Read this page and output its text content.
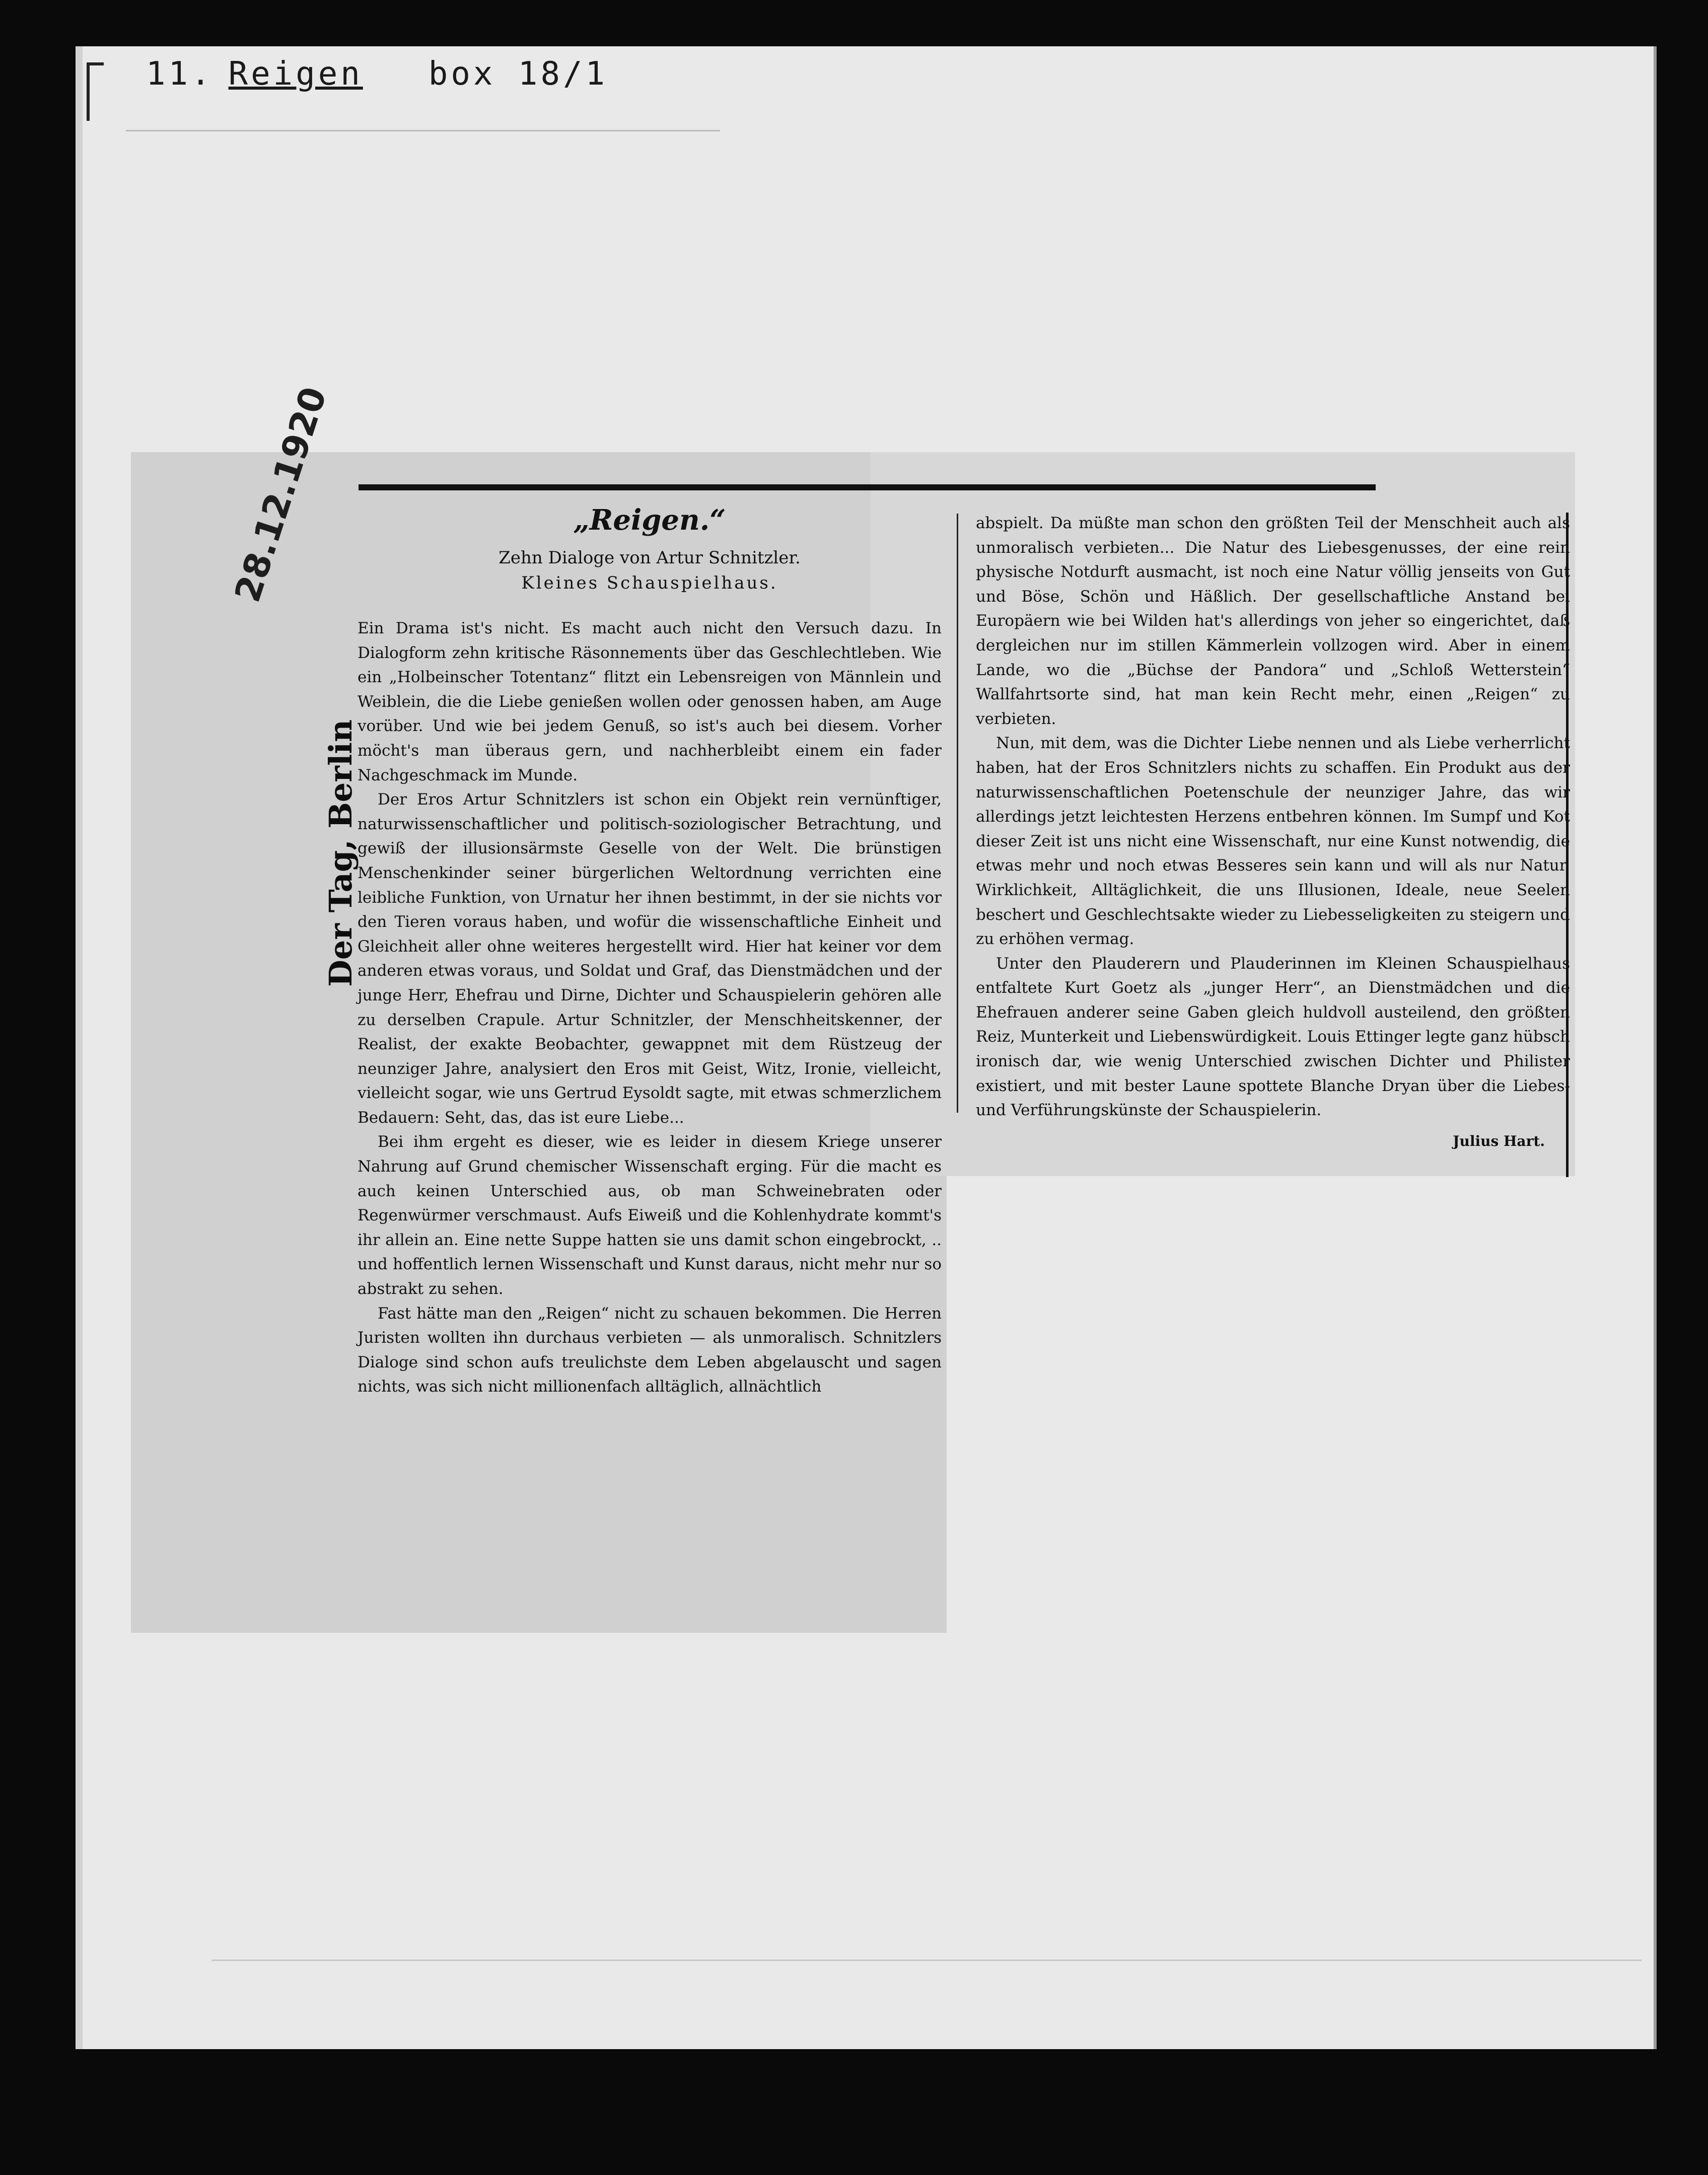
11. Reigen box 18/1
28.12.1920
Der Tag, Berlin
„Reigen.“
Zehn Dialoge von Artur Schnitzler.
Kleines Schauspielhaus.

Ein Drama ist's nicht. Es macht auch nicht den Versuch dazu. In Dialogform zehn kritische Räsonnements über das Geschlechtleben. Wie ein „Holbeinscher Totentanz“ flitzt ein Lebensreigen von Männlein und Weiblein, die die Liebe genießen wollen oder genossen haben, am Auge vorüber. Und wie bei jedem Genuß, so ist's auch bei diesem. Vorher möcht's man überaus gern, und nachherbleibt einem ein fader Nachgeschmack im Munde.

Der Eros Artur Schnitzlers ist schon ein Objekt rein vernünftiger, naturwissenschaftlicher und politisch-soziologischer Betrachtung, und gewiß der illusionsärmste Geselle von der Welt. Die brünstigen Menschenkinder seiner bürgerlichen Weltordnung verrichten eine leibliche Funktion, von Urnatur her ihnen bestimmt, in der sie nichts vor den Tieren voraus haben, und wofür die wissenschaftliche Einheit und Gleichheit aller ohne weiteres hergestellt wird. Hier hat keiner vor dem anderen etwas voraus, und Soldat und Graf, das Dienstmädchen und der junge Herr, Ehefrau und Dirne, Dichter und Schauspielerin gehören alle zu derselben Crapule. Artur Schnitzler, der Menschheitskenner, der Realist, der exakte Beobachter, gewappnet mit dem Rüstzeug der neunziger Jahre, analysiert den Eros mit Geist, Witz, Ironie, vielleicht, vielleicht sogar, wie uns Gertrud Eysoldt sagte, mit etwas schmerzlichem Bedauern: Seht, das, das ist eure Liebe...

Bei ihm ergeht es dieser, wie es leider in diesem Kriege unserer Nahrung auf Grund chemischer Wissenschaft erging. Für die macht es auch keinen Unterschied aus, ob man Schweinebraten oder Regenwürmer verschmaust. Aufs Eiweiß und die Kohlenhydrate kommt's ihr allein an. Eine nette Suppe hatten sie uns damit schon eingebrockt, .. und hoffentlich lernen Wissenschaft und Kunst daraus, nicht mehr nur so abstrakt zu sehen.

Fast hätte man den „Reigen“ nicht zu schauen bekommen. Die Herren Juristen wollten ihn durchaus verbieten — als unmoralisch. Schnitzlers Dialoge sind schon aufs treulichste dem Leben abgelauscht und sagen nichts, was sich nicht millionenfach alltäglich, allnächtlich

abspielt. Da müßte man schon den größten Teil der Menschheit auch als unmoralisch verbieten... Die Natur des Liebesgenusses, der eine rein physische Notdurft ausmacht, ist noch eine Natur völlig jenseits von Gut und Böse, Schön und Häßlich. Der gesellschaftliche Anstand bei Europäern wie bei Wilden hat's allerdings von jeher so eingerichtet, daß dergleichen nur im stillen Kämmerlein vollzogen wird. Aber in einem Lande, wo die „Büchse der Pandora“ und „Schloß Wetterstein“ Wallfahrtsorte sind, hat man kein Recht mehr, einen „Reigen“ zu verbieten.

Nun, mit dem, was die Dichter Liebe nennen und als Liebe verherrlicht haben, hat der Eros Schnitzlers nichts zu schaffen. Ein Produkt aus der naturwissenschaftlichen Poetenschule der neunziger Jahre, das wir allerdings jetzt leichtesten Herzens entbehren können. Im Sumpf und Kot dieser Zeit ist uns nicht eine Wissenschaft, nur eine Kunst notwendig, die etwas mehr und noch etwas Besseres sein kann und will als nur Natur, Wirklichkeit, Alltäglichkeit, die uns Illusionen, Ideale, neue Seelen beschert und Geschlechtsakte wieder zu Liebesseligkeiten zu steigern und zu erhöhen vermag.

Unter den Plauderern und Plauderinnen im Kleinen Schauspielhaus entfaltete Kurt Goetz als „junger Herr“, an Dienstmädchen und die Ehefrauen anderer seine Gaben gleich huldvoll austeilend, den größten Reiz, Munterkeit und Liebenswürdigkeit. Louis Ettinger legte ganz hübsch ironisch dar, wie wenig Unterschied zwischen Dichter und Philister existiert, und mit bester Laune spottete Blanche Dryan über die Liebes- und Verführungskünste der Schauspielerin.

Julius Hart.
